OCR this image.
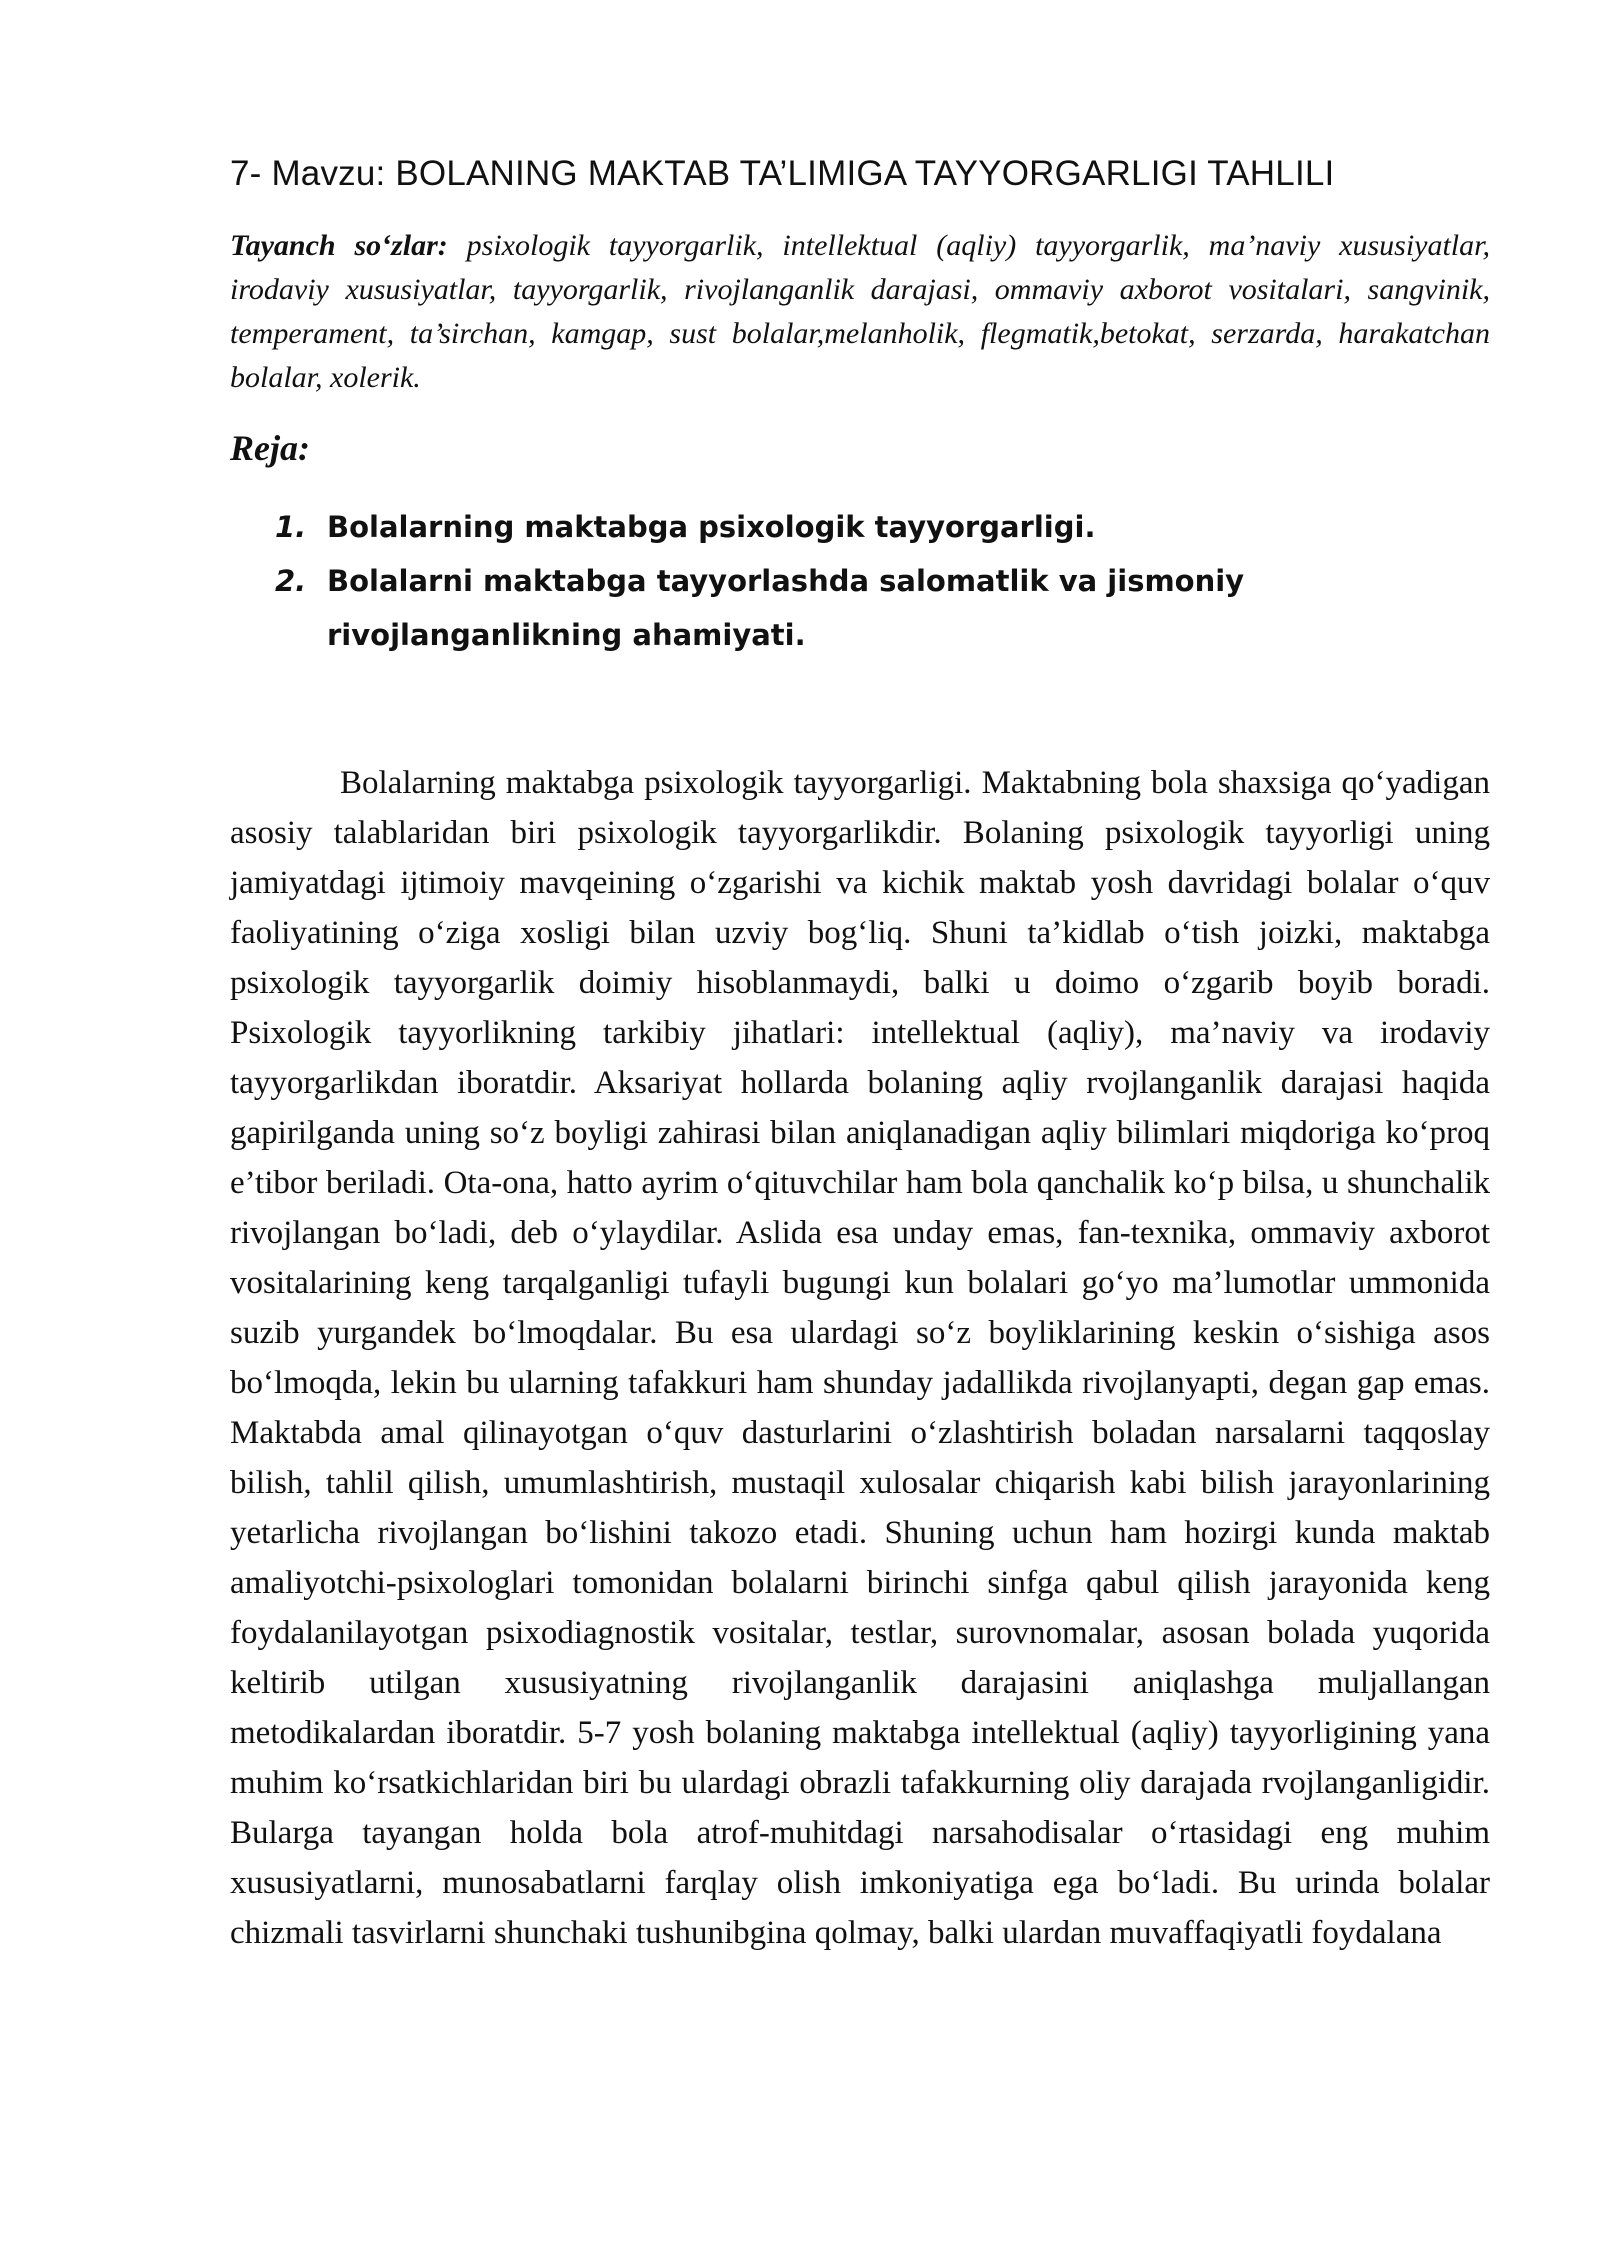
7- Mavzu: BOLANING MAKTAB TA’LIMIGA TAYYORGARLIGI TAHLILI
Tayanch so‘zlar: psixologik tayyorgarlik, intellektual (aqliy) tayyorgarlik, ma’naviy xususiyatlar, irodaviy xususiyatlar, tayyorgarlik, rivojlanganlik darajasi, ommaviy axborot vositalari, sangvinik, temperament, ta’sirchan, kamgap, sust bolalar,melanholik, flegmatik,betokat, serzarda, harakatchan bolalar, xolerik.
Reja:
1. Bolalarning maktabga psixologik tayyorgarligi.
2. Bolalarni maktabga tayyorlashda salomatlik va jismoniy rivojlanganlikning ahamiyati.

Bolalarning maktabga psixologik tayyorgarligi. Maktabning bola shaxsiga qo‘yadigan asosiy talablaridan biri psixologik tayyorgarlikdir. Bolaning psixologik tayyorligi uning jamiyatdagi ijtimoiy mavqeining o‘zgarishi va kichik maktab yosh davridagi bolalar o‘quv faoliyatining o‘ziga xosligi bilan uzviy bog‘liq. Shuni ta’kidlab o‘tish joizki, maktabga psixologik tayyorgarlik doimiy hisoblanmaydi, balki u doimo o‘zgarib boyib boradi. Psixologik tayyorlikning tarkibiy jihatlari: intellektual (aqliy), ma’naviy va irodaviy tayyorgarlikdan iboratdir. Aksariyat hollarda bolaning aqliy rvojlanganlik darajasi haqida gapirilganda uning so‘z boyligi zahirasi bilan aniqlanadigan aqliy bilimlari miqdoriga ko‘proq e’tibor beriladi. Ota-ona, hatto ayrim o‘qituvchilar ham bola qanchalik ko‘p bilsa, u shunchalik rivojlangan bo‘ladi, deb o‘ylaydilar. Aslida esa unday emas, fan-texnika, ommaviy axborot vositalarining keng tarqalganligi tufayli bugungi kun bolalari go‘yo ma’lumotlar ummonida suzib yurgandek bo‘lmoqdalar. Bu esa ulardagi so‘z boyliklarining keskin o‘sishiga asos bo‘lmoqda, lekin bu ularning tafakkuri ham shunday jadallikda rivojlanyapti, degan gap emas. Maktabda amal qilinayotgan o‘quv dasturlarini o‘zlashtirish boladan narsalarni taqqoslay bilish, tahlil qilish, umumlashtirish, mustaqil xulosalar chiqarish kabi bilish jarayonlarining yetarlicha rivojlangan bo‘lishini takozo etadi. Shuning uchun ham hozirgi kunda maktab amaliyotchi-psixologlari tomonidan bolalarni birinchi sinfga qabul qilish jarayonida keng foydalanilayotgan psixodiagnostik vositalar, testlar, surovnomalar, asosan bolada yuqorida keltirib utilgan xususiyatning rivojlanganlik darajasini aniqlashga muljallangan metodikalardan iboratdir. 5-7 yosh bolaning maktabga intellektual (aqliy) tayyorligining yana muhim ko‘rsatkichlaridan biri bu ulardagi obrazli tafakkurning oliy darajada rvojlanganligidir. Bularga tayangan holda bola atrof-muhitdagi narsahodisalar o‘rtasidagi eng muhim xususiyatlarni, munosabatlarni farqlay olish imkoniyatiga ega bo‘ladi. Bu urinda bolalar chizmali tasvirlarni shunchaki tushunibgina qolmay, balki ulardan muvaffaqiyatli foydalana
